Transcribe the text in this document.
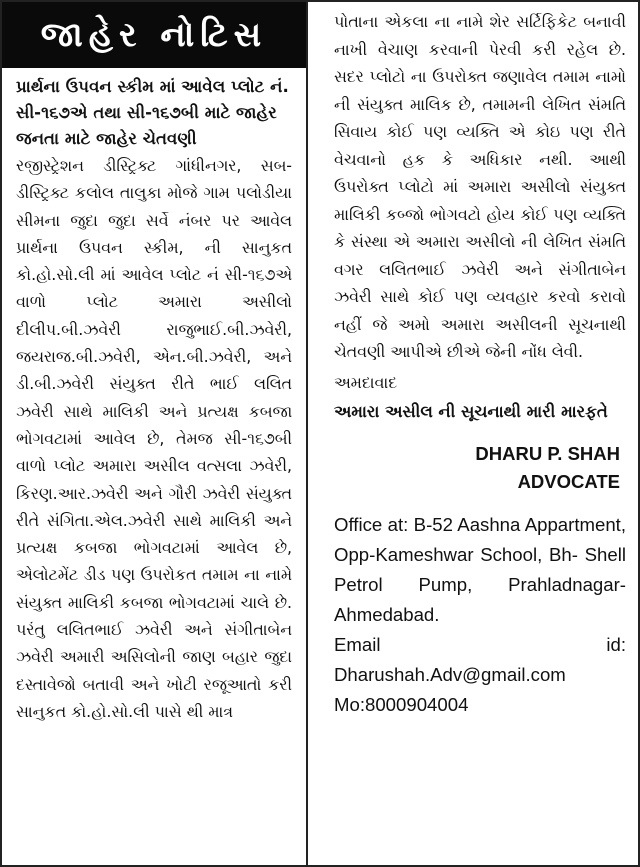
જાહેર નોટિસ
પ્રાર્થના ઉપવન સ્કીમ માં આવેલ પ્લોટ નં. સી-૧૬૭એ તથા સી-૧૬૭બી માટે જાહેર જનતા માટે જાહેર ચેતવણી
રજીસ્ટ્રેશન ડીસ્ટ્રિક્ટ ગાંધીનગર, સબ-ડીસ્ટ્રિક્ટ કલોલ તાલુકા મોજે ગામ પલોડીયા સીમના જુદા જુદા સર્વે નંબર પર આવેલ પ્રાર્થના ઉપવન સ્કીમ, ની સાનુકત કો.હો.સો.લી માં આવેલ પ્લોટ નં સી-૧૬૭એ વાળો પ્લોટ અમારા અસીલો દીલીપ.બી.ઝવેરી રાજુભાઈ.બી.ઝવેરી, જયરાજ.બી.ઝવેરી, એન.બી.ઝવેરી, અને ડી.બી.ઝવેરી સંયુક્ત રીતે ભાઈ લલિત ઝવેરી સાથે માલિકી અને પ્રત્યક્ષ કબજા ભોગવટામાં આવેલ છે, તેમજ સી-૧૬૭બી વાળો પ્લોટ અમારા અસીલ વત્સલા ઝવેરી, કિરણ.આર.ઝવેરી અને ગૌરી ઝવેરી સંયુક્ત રીતે સંગિતા.એલ.ઝવેરી સાથે માલિકી અને પ્રત્યક્ષ કબજા ભોગવટામાં આવેલ છે, એલોટમેંટ ડીડ પણ ઉપરોકત તમામ ના નામે સંયુક્ત માલિકી કબજા ભોગવટામાં ચાલે છે. પરંતુ લલિતભાઈ ઝવેરી અને સંગીતાબેન ઝવેરી અમારી અસિલોની જાણ બહાર જુદા દસ્તાવેજો બતાવી અને ખોટી રજૂઆતો કરી સાનુકત કો.હો.સો.લી પાસે થી માત્ર
પોતાના એકલા ના નામે શેર સર્ટિફિકેટ બનાવી નાખી વેચાણ કરવાની પેરવી કરી રહેલ છે. સદર પ્લોટો ના ઉપરોક્ત જણાવેલ તમામ નામો ની સંયુક્ત માલિક છે, તમામની લેખિત સંમતિ સિવાય કોઈ પણ વ્યક્તિ એ કોઇ પણ રીતે વેચવાનો હક કે અધિકાર નથી. આથી ઉપરોક્ત પ્લોટો માં અમારા અસીલો સંયુક્ત માલિકી કબ્જો ભોગવટો હોય કોઈ પણ વ્યક્તિ કે સંસ્થા એ અમારા અસીલો ની લેખિત સંમતિ વગર લલિતભાઈ ઝવેરી અને સંગીતાબેન ઝવેરી સાથે કોઈ પણ વ્યવહાર કરવો કરાવો નહીં જે અમો અમારા અસીલની સૂચનાથી ચેતવણી આપીએ છીએ જેની નોંધ લેવી.
અમદાવાદ
અમારા અસીલ ની સૂચનાથી મારી મારફતે
DHARU P. SHAH
ADVOCATE
Office at: B-52 Aashna Appartment, Opp-Kameshwar School, Bh- Shell Petrol Pump, Prahladnagar-Ahmedabad.
Email	id:
Dharushah.Adv@gmail.com
Mo:8000904004
